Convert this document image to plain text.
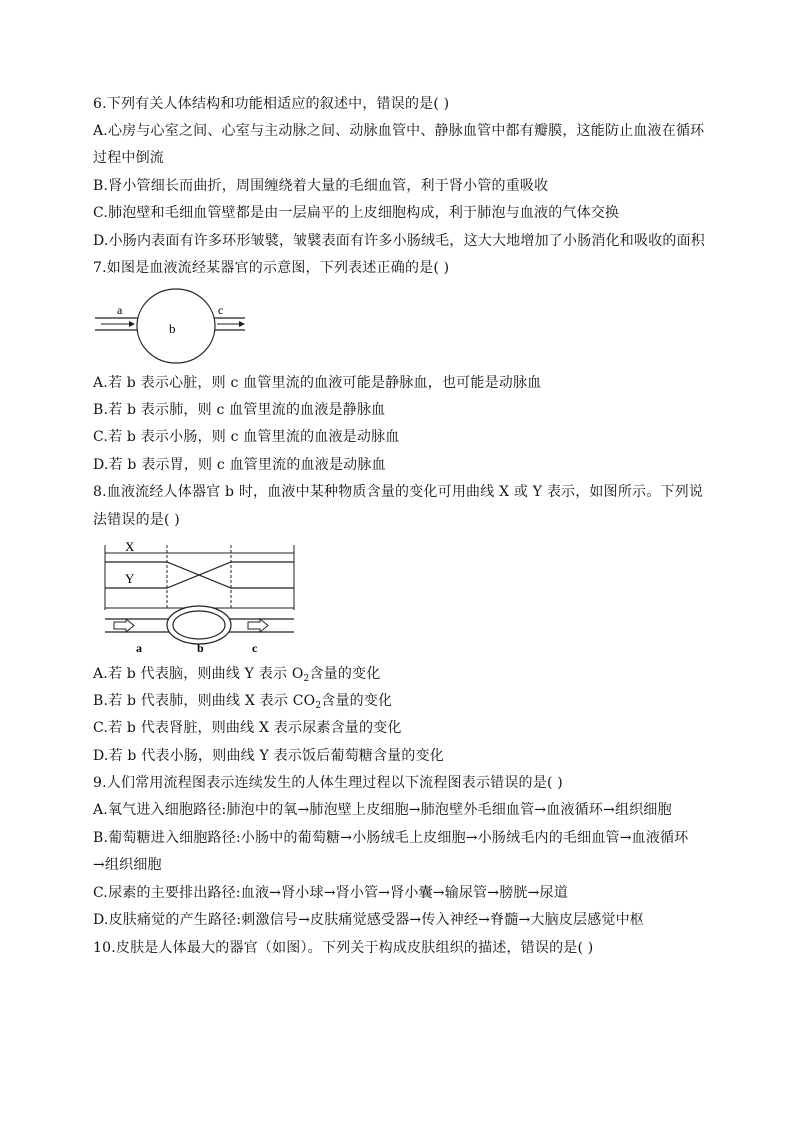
6.下列有关人体结构和功能相适应的叙述中，错误的是( )
A.心房与心室之间、心室与主动脉之间、动脉血管中、静脉血管中都有瓣膜，这能防止血液在循环
过程中倒流
B.肾小管细长而曲折，周围缠绕着大量的毛细血管，利于肾小管的重吸收
C.肺泡壁和毛细血管壁都是由一层扁平的上皮细胞构成，利于肺泡与血液的气体交换
D.小肠内表面有许多环形皱襞，皱襞表面有许多小肠绒毛，这大大地增加了小肠消化和吸收的面积
7.如图是血液流经某器官的示意图，下列表述正确的是( )
a
b
c
A.若 b 表示心脏，则 c 血管里流的血液可能是静脉血，也可能是动脉血
B.若 b 表示肺，则 c 血管里流的血液是静脉血
C.若 b 表示小肠，则 c 血管里流的血液是动脉血
D.若 b 表示胃，则 c 血管里流的血液是动脉血
8.血液流经人体器官 b 时，血液中某种物质含量的变化可用曲线 X 或 Y 表示，如图所示。下列说
法错误的是( )
X
Y
a	b	c
A.若 b 代表脑，则曲线 Y 表示 $O_2$含量的变化
B.若 b 代表肺，则曲线 X 表示 $CO_2$含量的变化
C.若 b 代表肾脏，则曲线 X 表示尿素含量的变化
D.若 b 代表小肠，则曲线 Y 表示饭后葡萄糖含量的变化
9.人们常用流程图表示连续发生的人体生理过程以下流程图表示错误的是( )
A.氧气进入细胞路径:肺泡中的氧→肺泡壁上皮细胞→肺泡壁外毛细血管→血液循环→组织细胞
B.葡萄糖进入细胞路径:小肠中的葡萄糖→小肠绒毛上皮细胞→小肠绒毛内的毛细血管→血液循环
→组织细胞
C.尿素的主要排出路径:血液→肾小球→肾小管→肾小囊→输尿管→膀胱→尿道
D.皮肤痛觉的产生路径:刺激信号→皮肤痛觉感受器→传入神经→脊髓→大脑皮层感觉中枢
10.皮肤是人体最大的器官（如图）。下列关于构成皮肤组织的描述，错误的是( )
